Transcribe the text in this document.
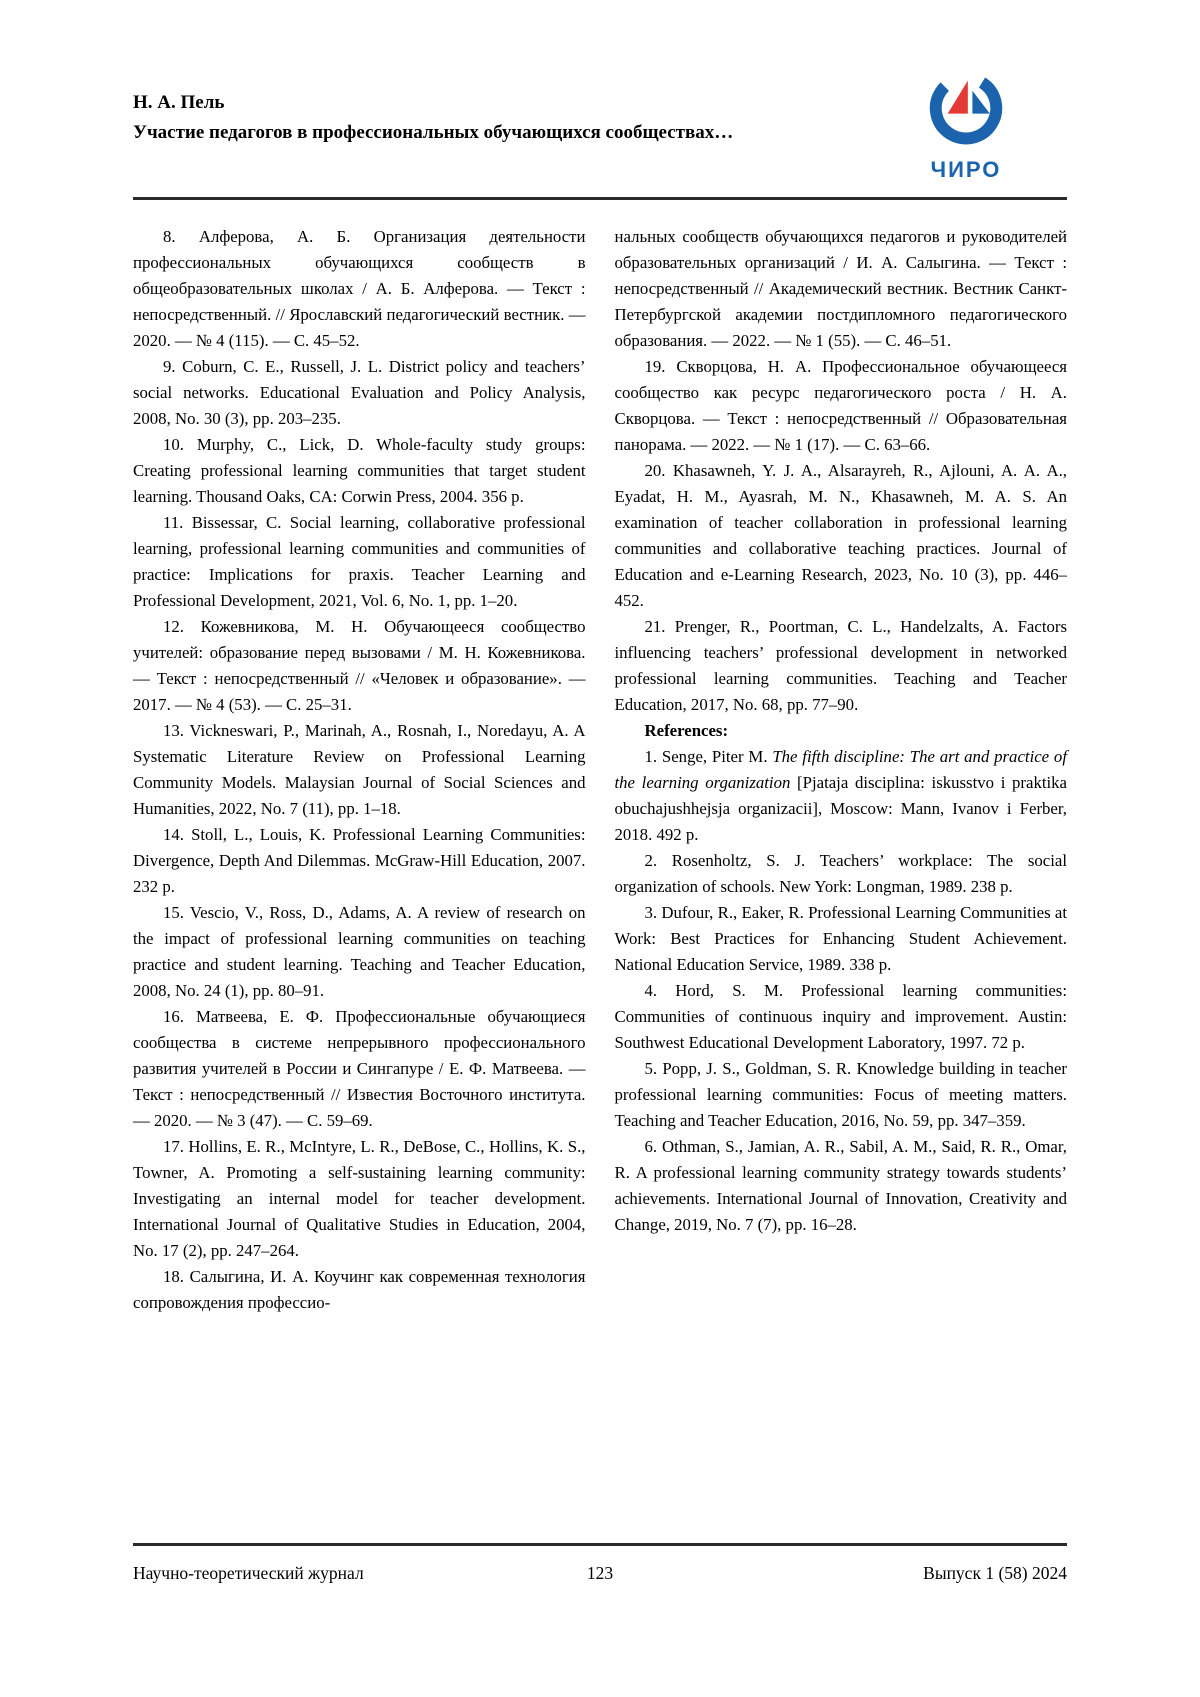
Н. А. Пель
Участие педагогов в профессиональных обучающихся сообществах…
ЧИРО

8. Алферова, А. Б. Организация деятельности профессиональных обучающихся сообществ в общеобразовательных школах / А. Б. Алферова. — Текст : непосредственный. // Ярославский педагогический вестник. — 2020. — № 4 (115). — С. 45–52.

9. Coburn, C. E., Russell, J. L. District policy and teachers’ social networks. Educational Evaluation and Policy Analysis, 2008, No. 30 (3), pp. 203–235.

10. Murphy, C., Lick, D. Whole-faculty study groups: Creating professional learning communities that target student learning. Thousand Oaks, CA: Corwin Press, 2004. 356 p.

11. Bissessar, C. Social learning, collaborative professional learning, professional learning communities and communities of practice: Implications for praxis. Teacher Learning and Professional Development, 2021, Vol. 6, No. 1, pp. 1–20.

12. Кожевникова, М. Н. Обучающееся сообщество учителей: образование перед вызовами / М. Н. Кожевникова. — Текст : непосредственный // «Человек и образование». — 2017. — № 4 (53). — С. 25–31.

13. Vickneswari, P., Marinah, A., Rosnah, I., Noredayu, A. A Systematic Literature Review on Professional Learning Community Models. Malaysian Journal of Social Sciences and Humanities, 2022, No. 7 (11), pp. 1–18.

14. Stoll, L., Louis, K. Professional Learning Communities: Divergence, Depth And Dilemmas. McGraw-Hill Education, 2007. 232 p.

15. Vescio, V., Ross, D., Adams, A. A review of research on the impact of professional learning communities on teaching practice and student learning. Teaching and Teacher Education, 2008, No. 24 (1), pp. 80–91.

16. Матвеева, Е. Ф. Профессиональные обучающиеся сообщества в системе непрерывного профессионального развития учителей в России и Сингапуре / Е. Ф. Матвеева. — Текст : непосредственный // Известия Восточного института. — 2020. — № 3 (47). — С. 59–69.

17. Hollins, E. R., McIntyre, L. R., DeBose, C., Hollins, K. S., Towner, A. Promoting a self-sustaining learning community: Investigating an internal model for teacher development. International Journal of Qualitative Studies in Education, 2004, No. 17 (2), pp. 247–264.

18. Салыгина, И. А. Коучинг как современная технология сопровождения профессио-

нальных сообществ обучающихся педагогов и руководителей образовательных организаций / И. А. Салыгина. — Текст : непосредственный // Академический вестник. Вестник Санкт-Петербургской академии постдипломного педагогического образования. — 2022. — № 1 (55). — С. 46–51.

19. Скворцова, Н. А. Профессиональное обучающееся сообщество как ресурс педагогического роста / Н. А. Скворцова. — Текст : непосредственный // Образовательная панорама. — 2022. — № 1 (17). — С. 63–66.

20. Khasawneh, Y. J. A., Alsarayreh, R., Ajlouni, A. A. A., Eyadat, H. M., Ayasrah, M. N., Khasawneh, M. A. S. An examination of teacher collaboration in professional learning communities and collaborative teaching practices. Journal of Education and e-Learning Research, 2023, No. 10 (3), pp. 446–452.

21. Prenger, R., Poortman, C. L., Handelzalts, A. Factors influencing teachers’ professional development in networked professional learning communities. Teaching and Teacher Education, 2017, No. 68, pp. 77–90.

References:

1. Senge, Piter M. The fifth discipline: The art and practice of the learning organization [Pjataja disciplina: iskusstvo i praktika obuchajushhejsja organizacii], Moscow: Mann, Ivanov i Ferber, 2018. 492 p.

2. Rosenholtz, S. J. Teachers’ workplace: The social organization of schools. New York: Longman, 1989. 238 p.

3. Dufour, R., Eaker, R. Professional Learning Communities at Work: Best Practices for Enhancing Student Achievement. National Education Service, 1989. 338 p.

4. Hord, S. M. Professional learning communities: Communities of continuous inquiry and improvement. Austin: Southwest Educational Development Laboratory, 1997. 72 p.

5. Popp, J. S., Goldman, S. R. Knowledge building in teacher professional learning communities: Focus of meeting matters. Teaching and Teacher Education, 2016, No. 59, pp. 347–359.

6. Othman, S., Jamian, A. R., Sabil, A. M., Said, R. R., Omar, R. A professional learning community strategy towards students’ achievements. International Journal of Innovation, Creativity and Change, 2019, No. 7 (7), pp. 16–28.

Научно-теоретический журнал	123	Выпуск 1 (58) 2024
